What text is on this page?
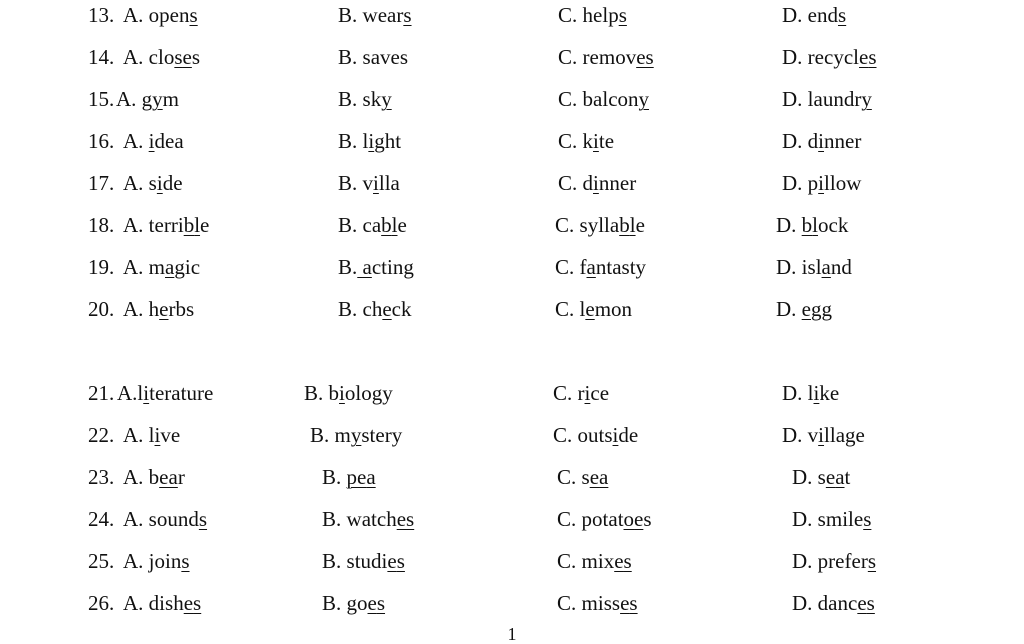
13. A. opens	B. wears	C. helps	D. ends
14. A. closes	B. saves	C. removes	D. recycles
15. A. gym	B. sky	C. balcony	D. laundry
16. A. idea	B. light	C. kite	D. dinner
17. A. side	B. villa	C. dinner	D. pillow
18. A. terrible	B. cable	C. syllable	D. block
19. A. magic	B. acting	C. fantasty	D. island
20. A. herbs	B. check	C. lemon	D. egg
21. A.literature	B. biology	C. rice	D. like
22. A. live	B. mystery	C. outside	D. village
23. A. bear	B. pea	C. sea	D. seat
24. A. sounds	B. watches	C. potatoes	D. smiles
25. A. joins	B. studies	C. mixes	D. prefers
26. A. dishes	B. goes	C. misses	D. dances
1
